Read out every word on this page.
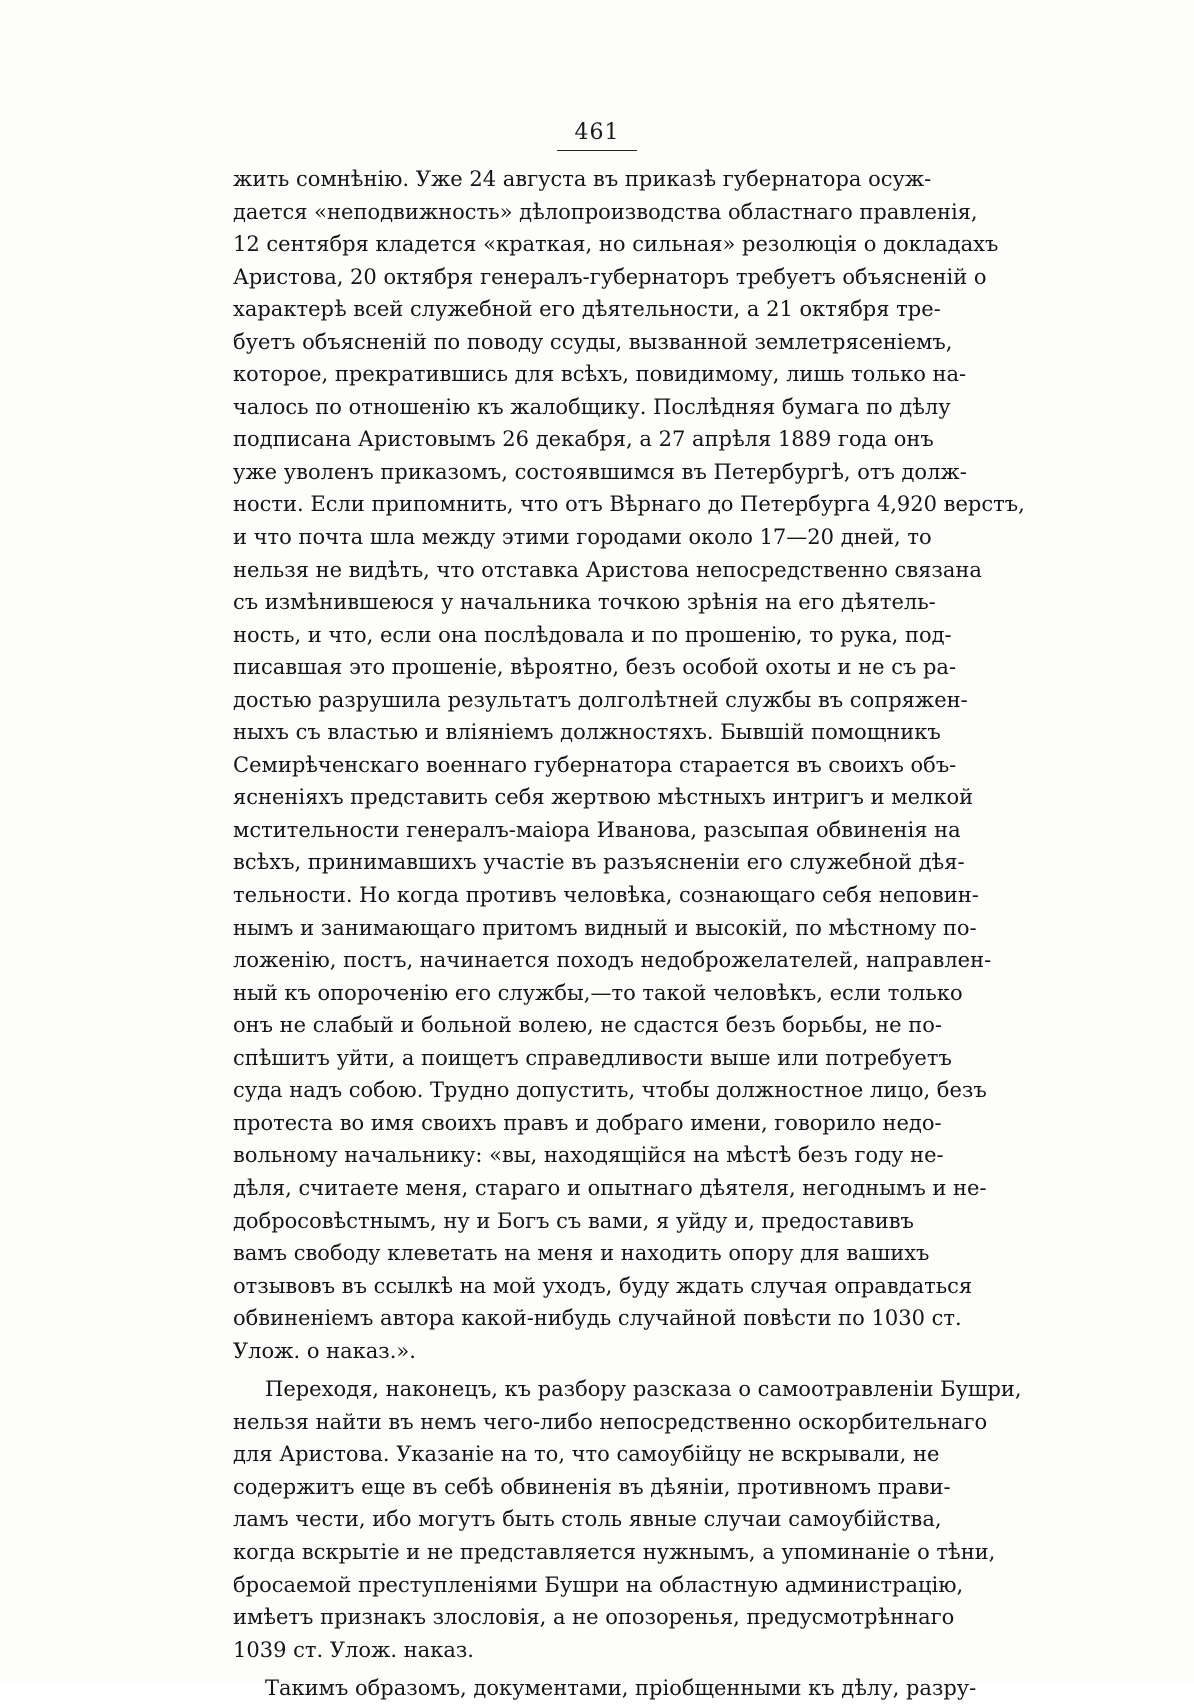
461
жить сомнѣнію. Уже 24 августа въ приказѣ губернатора осуж-
дается «неподвижность» дѣлопроизводства областнаго правленія,
12 сентября кладется «краткая, но сильная» резолюція о докладахъ
Аристова, 20 октября генералъ-губернаторъ требуетъ объясненій о
характерѣ всей служебной его дѣятельности, а 21 октября тре-
буетъ объясненій по поводу ссуды, вызванной землетрясеніемъ,
которое, прекратившись для всѣхъ, повидимому, лишь только на-
чалось по отношенію къ жалобщику. Послѣдняя бумага по дѣлу
подписана Аристовымъ 26 декабря, а 27 апрѣля 1889 года онъ
уже уволенъ приказомъ, состоявшимся въ Петербургѣ, отъ долж-
ности. Если припомнить, что отъ Вѣрнаго до Петербурга 4,920 верстъ,
и что почта шла между этими городами около 17—20 дней, то
нельзя не видѣть, что отставка Аристова непосредственно связана
съ измѣнившеюся у начальника точкою зрѣнія на его дѣятель-
ность, и что, если она послѣдовала и по прошенію, то рука, под-
писавшая это прошеніе, вѣроятно, безъ особой охоты и не съ ра-
достью разрушила результатъ долголѣтней службы въ сопряжен-
ныхъ съ властью и вліяніемъ должностяхъ. Бывшій помощникъ
Семирѣченскаго военнаго губернатора старается въ своихъ объ-
ясненіяхъ представить себя жертвою мѣстныхъ интригъ и мелкой
мстительности генералъ-маіора Иванова, разсыпая обвиненія на
всѣхъ, принимавшихъ участіе въ разъясненіи его служебной дѣя-
тельности. Но когда противъ человѣка, сознающаго себя неповин-
нымъ и занимающаго притомъ видный и высокій, по мѣстному по-
ложенію, постъ, начинается походъ недоброжелателей, направлен-
ный къ опороченію его службы,—то такой человѣкъ, если только
онъ не слабый и больной волею, не сдастся безъ борьбы, не по-
спѣшитъ уйти, а поищетъ справедливости выше или потребуетъ
суда надъ собою. Трудно допустить, чтобы должностное лицо, безъ
протеста во имя своихъ правъ и добраго имени, говорило недо-
вольному начальнику: «вы, находящійся на мѣстѣ безъ году не-
дѣля, считаете меня, стараго и опытнаго дѣятеля, негоднымъ и не-
добросовѣстнымъ, ну и Богъ съ вами, я уйду и, предоставивъ
вамъ свободу клеветать на меня и находить опору для вашихъ
отзывовъ въ ссылкѣ на мой уходъ, буду ждать случая оправдаться
обвиненіемъ автора какой-нибудь случайной повѣсти по 1030 ст.
Улож. о наказ.».
Переходя, наконецъ, къ разбору разсказа о самоотравленіи Бушри,
нельзя найти въ немъ чего-либо непосредственно оскорбительнаго
для Аристова. Указаніе на то, что самоубійцу не вскрывали, не
содержитъ еще въ себѣ обвиненія въ дѣяніи, противномъ прави-
ламъ чести, ибо могутъ быть столь явные случаи самоубійства,
когда вскрытіе и не представляется нужнымъ, а упоминаніе о тѣни,
бросаемой преступленіями Бушри на областную администрацію,
имѣетъ признакъ злословія, а не опозоренья, предусмотрѣннаго
1039 ст. Улож. наказ.
Такимъ образомъ, документами, пріобщенными къ дѣлу, разру-
